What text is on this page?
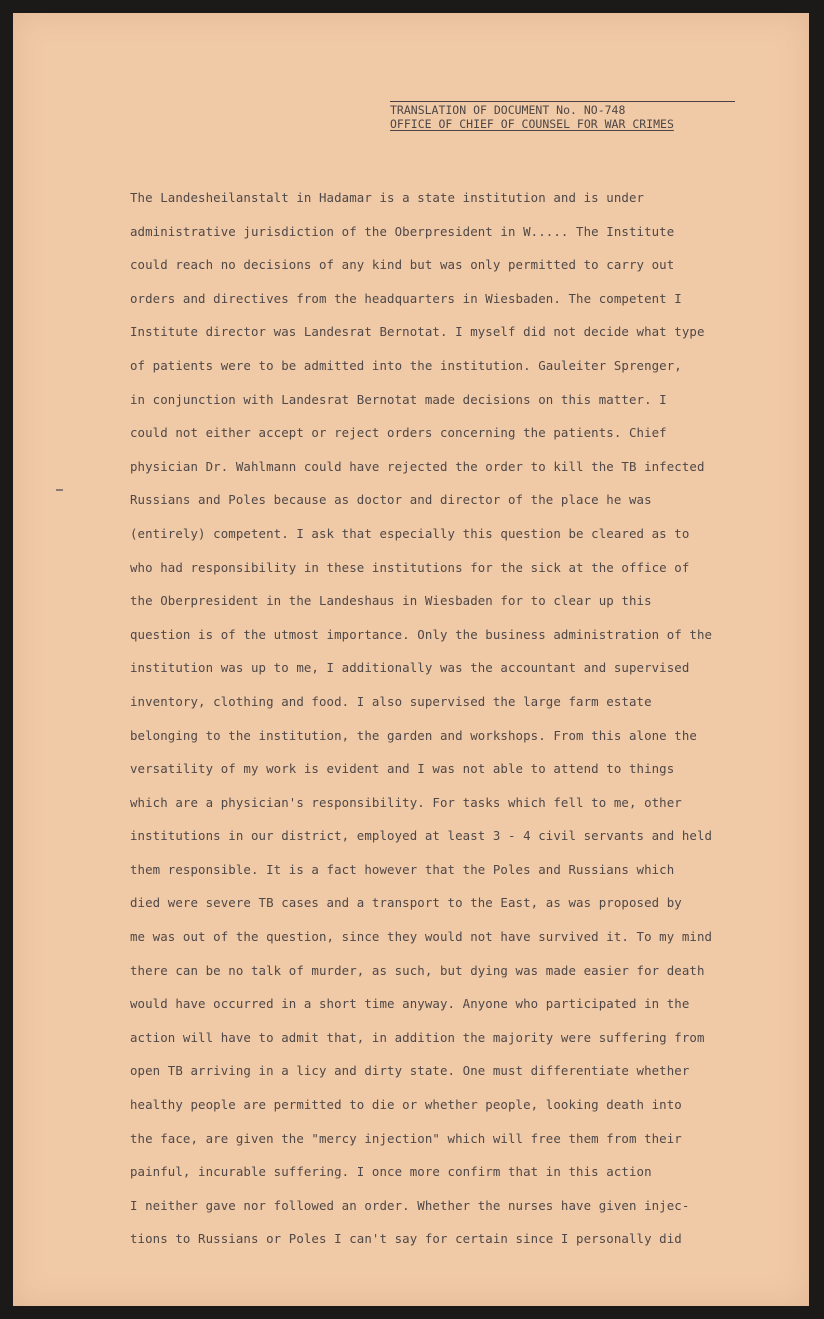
TRANSLATION OF DOCUMENT No. NO-748
OFFICE OF CHIEF OF COUNSEL FOR WAR CRIMES
The Landesheilanstalt in Hadamar is a state institution and is under
administrative jurisdiction of the Oberpresident in W..... The Institute
could reach no decisions of any kind but was only permitted to carry out
orders and directives from the headquarters in Wiesbaden. The competent I
Institute director was Landesrat Bernotat. I myself did not decide what type
of patients were to be admitted into the institution. Gauleiter Sprenger,
in conjunction with Landesrat Bernotat made decisions on this matter. I
could not either accept or reject orders concerning the patients. Chief
physician Dr. Wahlmann could have rejected the order to kill the TB infected
Russians and Poles because as doctor and director of the place he was
(entirely) competent. I ask that especially this question be cleared as to
who had responsibility in these institutions for the sick at the office of
the Oberpresident in the Landeshaus in Wiesbaden for to clear up this
question is of the utmost importance. Only the business administration of the
institution was up to me, I additionally was the accountant and supervised
inventory, clothing and food. I also supervised the large farm estate
belonging to the institution, the garden and workshops. From this alone the
versatility of my work is evident and I was not able to attend to things
which are a physician's responsibility. For tasks which fell to me, other
institutions in our district, employed at least 3 - 4 civil servants and held
them responsible. It is a fact however that the Poles and Russians which
died were severe TB cases and a transport to the East, as was proposed by
me was out of the question, since they would not have survived it. To my mind
there can be no talk of murder, as such, but dying was made easier for death
would have occurred in a short time anyway. Anyone who participated in the
action will have to admit that, in addition the majority were suffering from
open TB arriving in a licy and dirty state. One must differentiate whether
healthy people are permitted to die or whether people, looking death into
the face, are given the "mercy injection" which will free them from their
painful, incurable suffering. I once more confirm that in this action
I neither gave nor followed an order. Whether the nurses have given injec-
tions to Russians or Poles I can't say for certain since I personally did
